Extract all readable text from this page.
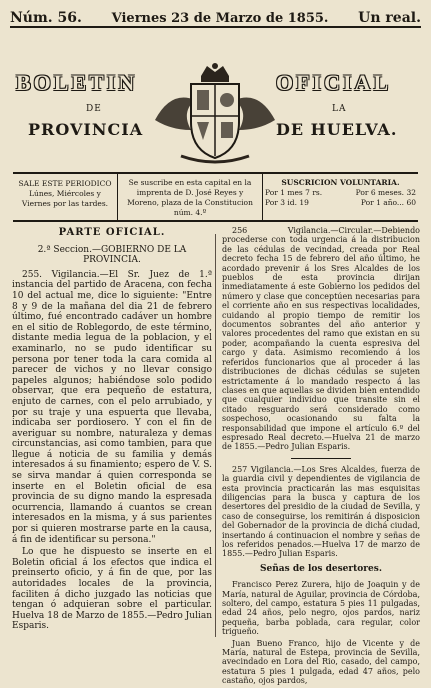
Núm. 56. Viernes 23 de Marzo de 1855. Un real.
BOLETIN	OFICIAL
DE	LA
PROVINCIA	DE HUELVA.
SALE ESTE PERIODICO Lúnes, Miércoles y Viernes por las tardes.
Se suscribe en esta capital en la imprenta de D. José Reyes y Moreno, plaza de la Constitucion núm. 4.º
SUSCRICION VOLUNTARIA.
Por 1 mes 7 rs.	Por 6 meses. 32
Por 3 id. 19	Por 1 año... 60
PARTE OFICIAL.
2.ª Seccion.—GOBIERNO DE LA PROVINCIA.

255. Vigilancia.—El Sr. Juez de 1.ª instancia del partido de Aracena, con fecha 10 del actual me, dice lo siguiente: "Entre 8 y 9 de la mañana del dia 21 de febrero último, fué encontrado cadáver un hombre en el sitio de Roblegordo, de este término, distante media legua de la poblacion, y el examinarlo, no se pudo identificar su persona por tener toda la cara comida al parecer de vichos y no llevar consigo papeles algunos; habiéndose solo podido observar, que era pequeño de estatura, enjuto de carnes, con el pelo arrubiado, y por su traje y una espuerta que llevaba, indicaba ser pordiosero. Y con el fin de averiguar su nombre, naturaleza y demas circunstancias, asi como tambien, para que llegue á noticia de su familia y demás interesados á su finamiento; espero de V. S. se sirva mandar á quien corresponda se inserte en el Boletin oficial de esa provincia de su digno mando la espresada ocurrencia, llamando á cuantos se crean interesados en la misma, y á sus parientes por si quieren mostrarse parte en la causa, á fin de identificar su persona."

Lo que he dispuesto se inserte en el Boletin oficial á los efectos que indica el preinserto oficio, y á fin de que, por las autoridades locales de la provincia, faciliten á dicho juzgado las noticias que tengan ó adquieran sobre el particular. Huelva 18 de Marzo de 1855.—Pedro Julian Esparis.

256 Vigilancia.—Circular.—Debiendo procederse con toda urgencia á la distribucion de las cédulas de vecindad, creada por Real decreto fecha 15 de febrero del año último, he acordado prevenir á los Sres Alcaldes de los pueblos de esta provincia dirijan inmediatamente á este Gobierno los pedidos del número y clase que conceptúen necesarias para el corriente año en sus respectivas localidades, cuidando al propio tiempo de remitir los documentos sobrantes del año anterior y valores procedentes del ramo que existan en su poder, acompañando la cuenta espresiva del cargo y data. Asimismo recomiendo á los referidos funcionarios que al proceder á las distribuciones de dichas cédulas se sujeten estrictamente á lo mandado respecto á las clases en que aquellas se dividen bien entendido que cualquier individuo que transite sin el citado resguardo será considerado como sospechoso, ocasionando su falta la responsabilidad que impone el artículo 6.º del espresado Real decreto.—Huelva 21 de marzo de 1855.—Pedro Julian Esparis.

257 Vigilancia.—Los Sres Alcaldes, fuerza de la guardia civil y dependientes de vigilancia de esta provincia practicarán las mas esquisitas diligencias para la busca y captura de los desertores del presidio de la ciudad de Sevilla, y caso de conseguirse, los remitirán á disposicion del Gobernador de la provincia de dichá ciudad, insertando á continuacion el nombre y señas de los referidos penados.—Huelva 17 de marzo de 1855.—Pedro Julian Esparis.

Señas de los desertores.

Francisco Perez Zurera, hijo de Joaquin y de María, natural de Aguilar, provincia de Córdoba, soltero, del campo, estatura 5 pies 11 pulgadas, edad 24 años, pelo negro, ojos pardos, nariz pequeña, barba poblada, cara regular, color trigueño.

Juan Bueno Franco, hijo de Vicente y de María, natural de Estepa, provincia de Sevilla, avecindado en Lora del Rio, casado, del campo, estatura 5 pies 1 pulgada, edad 47 años, pelo castaño, ojos pardos,
